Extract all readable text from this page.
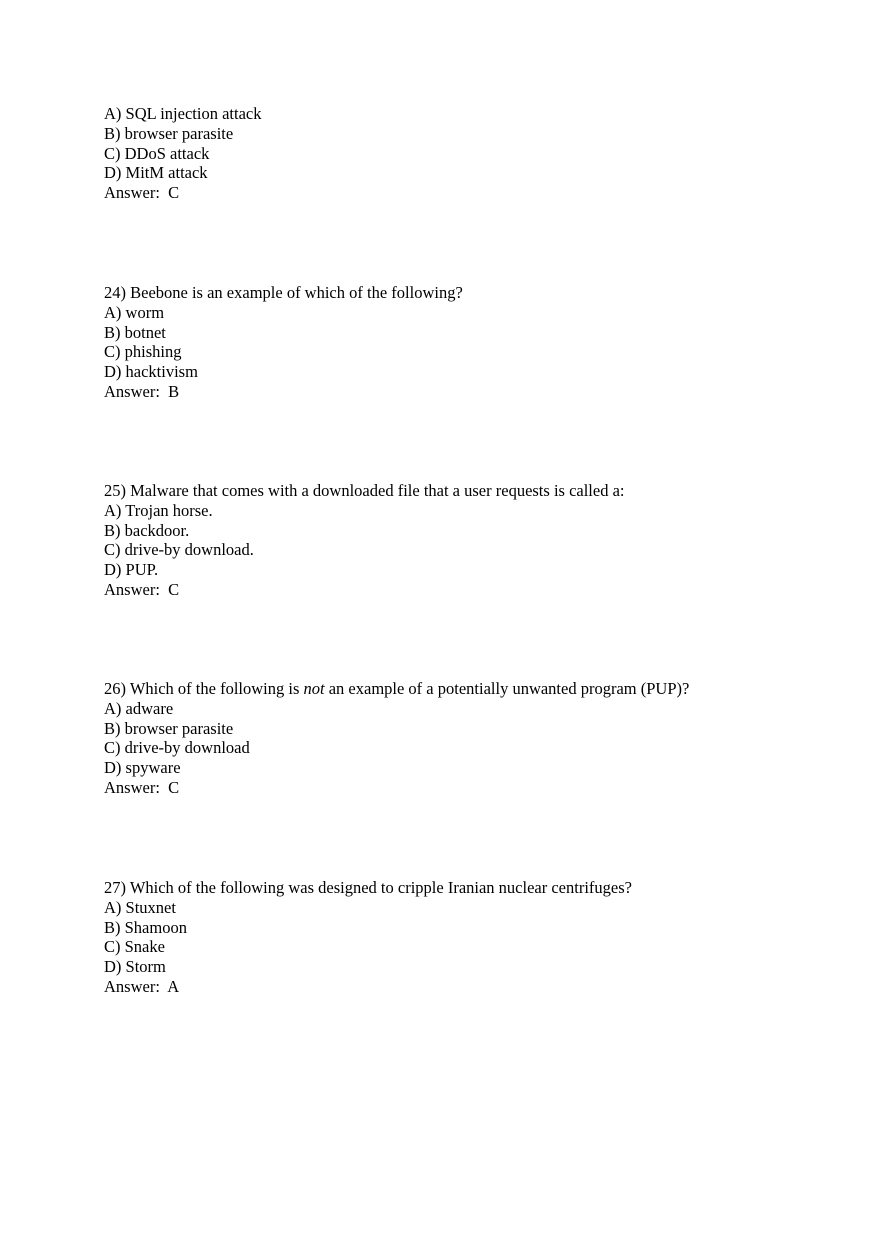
A) SQL injection attack
B) browser parasite
C) DDoS attack
D) MitM attack
Answer:  C
24) Beebone is an example of which of the following?
A) worm
B) botnet
C) phishing
D) hacktivism
Answer:  B
25) Malware that comes with a downloaded file that a user requests is called a:
A) Trojan horse.
B) backdoor.
C) drive-by download.
D) PUP.
Answer:  C
26) Which of the following is not an example of a potentially unwanted program (PUP)?
A) adware
B) browser parasite
C) drive-by download
D) spyware
Answer:  C
27) Which of the following was designed to cripple Iranian nuclear centrifuges?
A) Stuxnet
B) Shamoon
C) Snake
D) Storm
Answer:  A
